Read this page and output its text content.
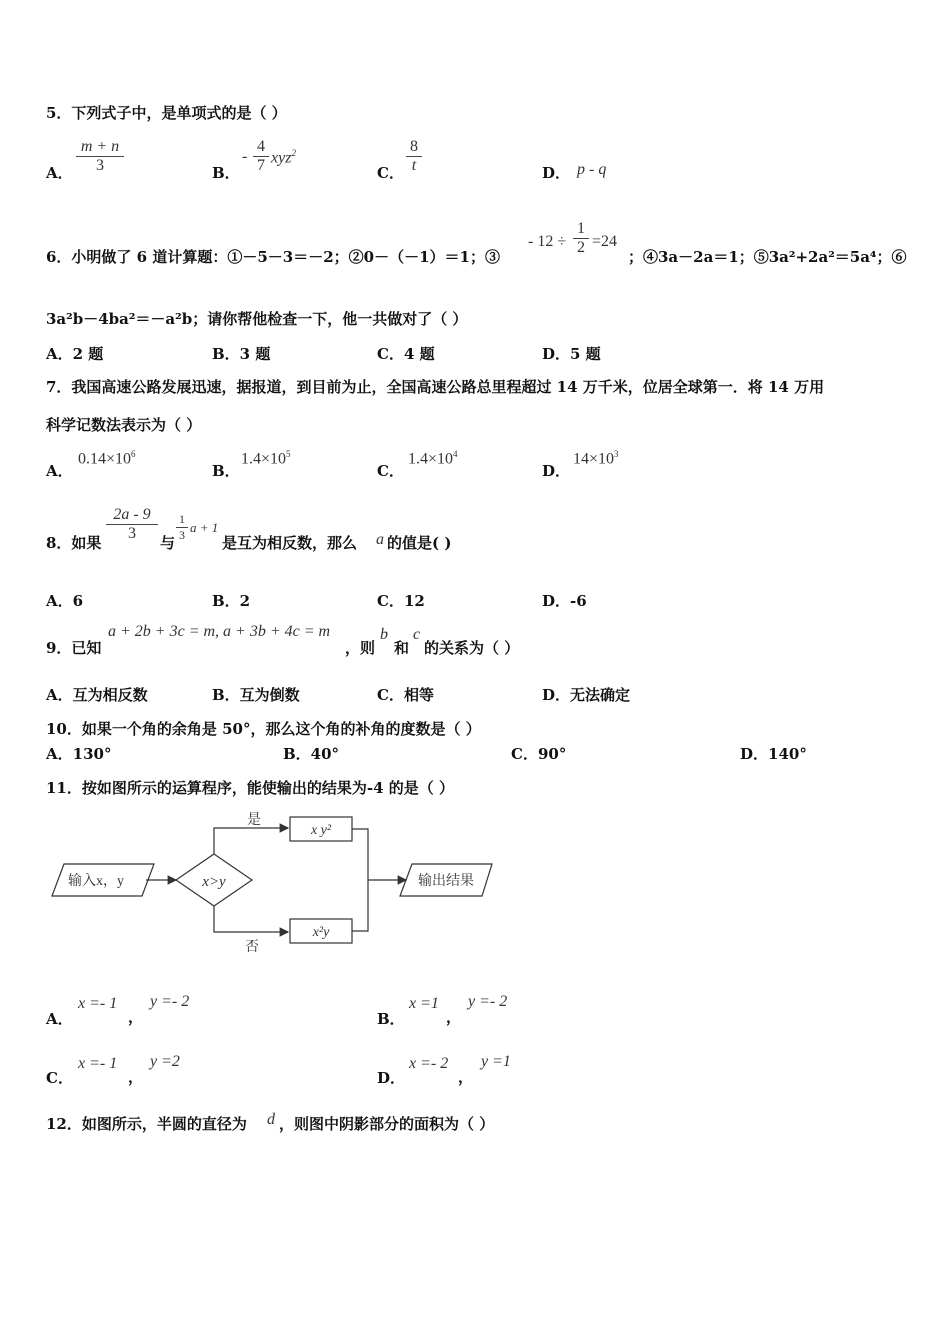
5．下列式子中，是单项式的是（ ）
A．
m + n
3	B．
-
4
7 xyz$^2$
C．
8
t	D． p - q
6．小明做了 6 道计算题：①－5－3＝－2；②0－（－1）＝1；③
- 12 ÷
1
2 =24
；④3a－2a＝1；⑤3a²+2a²＝5a⁴；⑥
3a²b－4ba²＝－a²b；请你帮他检查一下，他一共做对了（ ）
A．2 题	B．3 题	C．4 题	D．5 题
7．我国高速公路发展迅速，据报道，到目前为止，全国高速公路总里程超过 14 万千米，位居全球第一．将 14 万用
科学记数法表示为（ ）
A．
$0.14\times 10^6$
B．
$1.4\times 10^5$
C．
$1.4\times 10^4$
D．
$14\times 10^3$
8．如果
2a - 9
3
与
1
3 a + 1
是互为相反数，那么 a 的值是( )
A．6	B．2	C．12	D．-6
9．已知
a + 2b + 3c = m, a + 3b + 4c = m
，则
b
和
c
的关系为（ ）
A．互为相反数	B．互为倒数	C．相等	D．无法确定
10．如果一个角的余角是 50°，那么这个角的补角的度数是（ ）
A．130°	B．40°	C．90°	D．140°
11．按如图所示的运算程序，能使输出的结果为-4 的是（ ）
输入x，y	x>y
是
x y²
否
x²y
输出结果
A．
x =- 1
，
y =- 2
B．
x =1
，
y =- 2
C．
x =- 1
，
y =2
D．
x =- 2
，
y =1
12．如图所示，半圆的直径为 d ，则图中阴影部分的面积为（ ）
